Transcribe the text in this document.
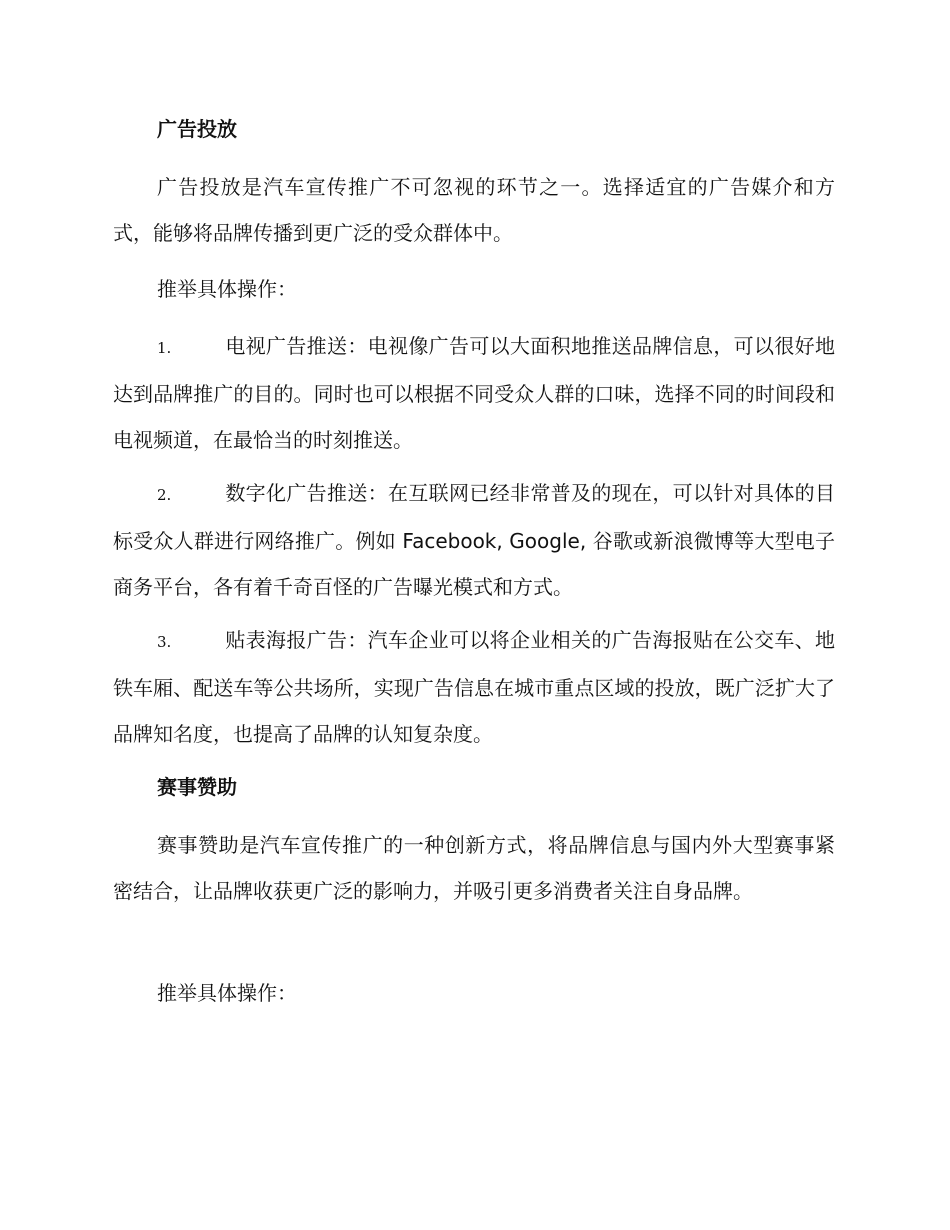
广告投放

广告投放是汽车宣传推广不可忽视的环节之一。选择适宜的广告媒介和方式，能够将品牌传播到更广泛的受众群体中。

推举具体操作：

1.	电视广告推送：电视像广告可以大面积地推送品牌信息，可以很好地达到品牌推广的目的。同时也可以根据不同受众人群的口味，选择不同的时间段和电视频道，在最恰当的时刻推送。

2.	数字化广告推送：在互联网已经非常普及的现在，可以针对具体的目标受众人群进行网络推广。例如 Facebook, Google, 谷歌或新浪微博等大型电子商务平台，各有着千奇百怪的广告曝光模式和方式。

3.	贴表海报广告：汽车企业可以将企业相关的广告海报贴在公交车、地铁车厢、配送车等公共场所，实现广告信息在城市重点区域的投放，既广泛扩大了品牌知名度，也提高了品牌的认知复杂度。

赛事赞助

赛事赞助是汽车宣传推广的一种创新方式，将品牌信息与国内外大型赛事紧密结合，让品牌收获更广泛的影响力，并吸引更多消费者关注自身品牌。

推举具体操作：
